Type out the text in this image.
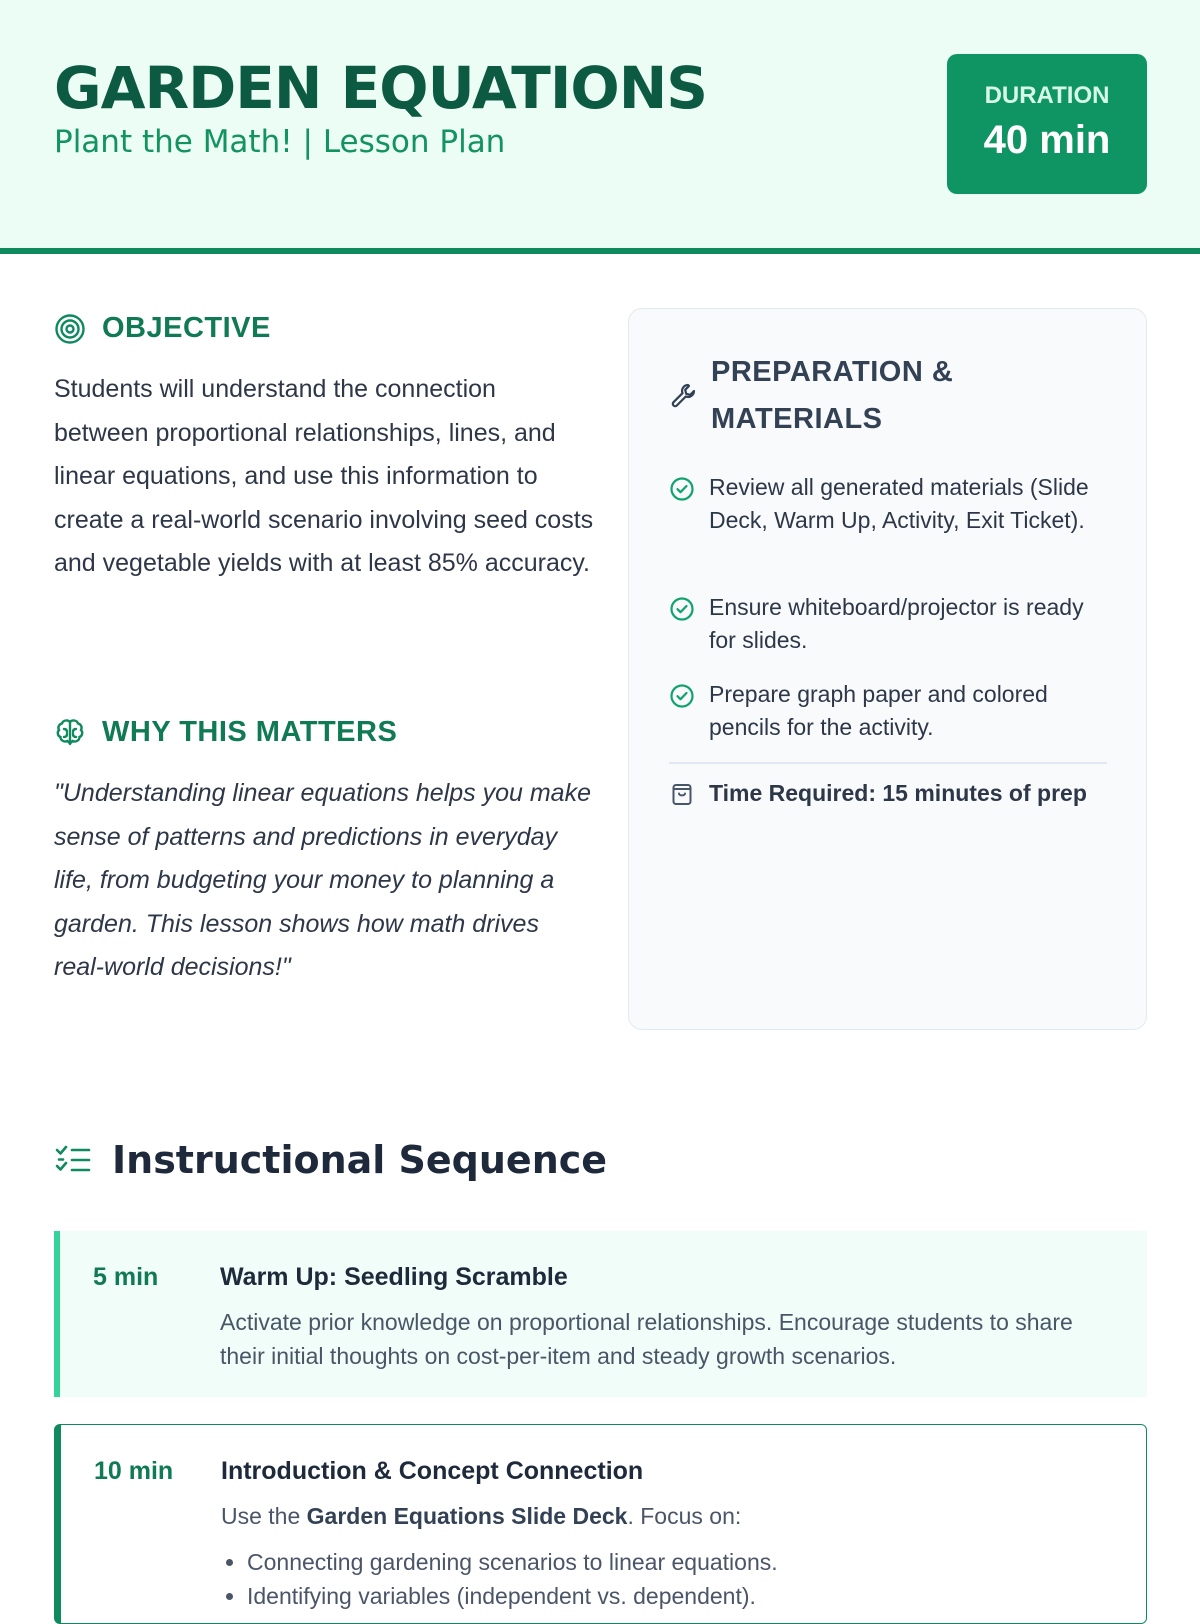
GARDEN EQUATIONS
Plant the Math! | Lesson Plan
DURATION
40 min
OBJECTIVE
Students will understand the connection between proportional relationships, lines, and linear equations, and use this information to create a real-world scenario involving seed costs and vegetable yields with at least 85% accuracy.
WHY THIS MATTERS
"Understanding linear equations helps you make sense of patterns and predictions in everyday life, from budgeting your money to planning a garden. This lesson shows how math drives real-world decisions!"
PREPARATION & MATERIALS
Review all generated materials (Slide Deck, Warm Up, Activity, Exit Ticket).
Ensure whiteboard/projector is ready for slides.
Prepare graph paper and colored pencils for the activity.
Time Required: 15 minutes of prep
Instructional Sequence
5 min Warm Up: Seedling Scramble
Activate prior knowledge on proportional relationships. Encourage students to share their initial thoughts on cost-per-item and steady growth scenarios.
10 min Introduction & Concept Connection
Use the Garden Equations Slide Deck. Focus on:
• Connecting gardening scenarios to linear equations.
• Identifying variables (independent vs. dependent).
